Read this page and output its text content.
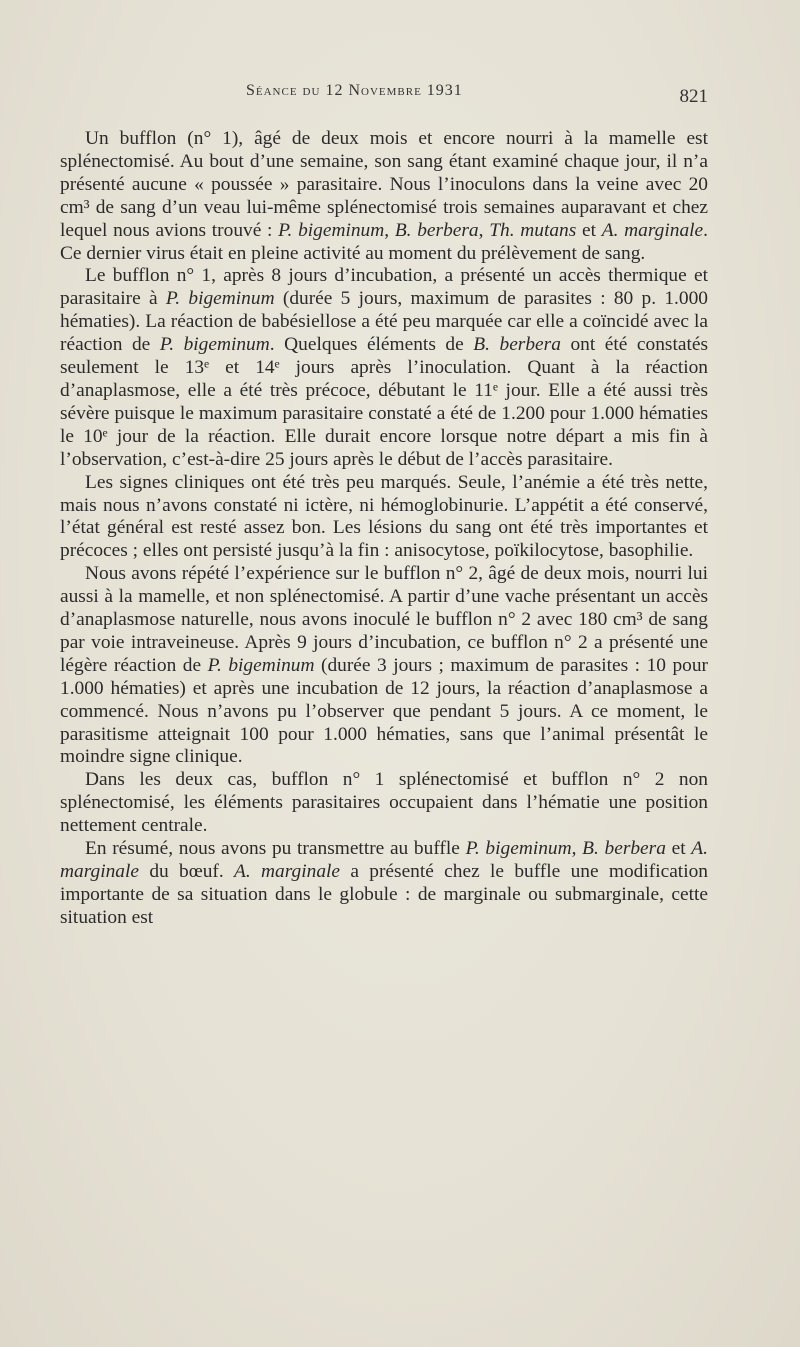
Séance du 12 Novembre 1931	821

Un bufflon (n° 1), âgé de deux mois et encore nourri à la mamelle est splénectomisé. Au bout d’une semaine, son sang étant examiné chaque jour, il n’a présenté aucune « poussée » parasitaire. Nous l’inoculons dans la veine avec 20 cm³ de sang d’un veau lui-même splénectomisé trois semaines auparavant et chez lequel nous avions trouvé : P. bigeminum, B. berbera, Th. mutans et A. marginale. Ce dernier virus était en pleine activité au moment du prélèvement de sang.

Le bufflon n° 1, après 8 jours d’incubation, a présenté un accès thermique et parasitaire à P. bigeminum (durée 5 jours, maximum de parasites : 80 p. 1.000 hématies). La réaction de babésiellose a été peu marquée car elle a coïncidé avec la réaction de P. bigeminum. Quelques éléments de B. berbera ont été constatés seulement le 13ᵉ et 14ᵉ jours après l’inoculation. Quant à la réaction d’anaplasmose, elle a été très précoce, débutant le 11ᵉ jour. Elle a été aussi très sévère puisque le maximum parasitaire constaté a été de 1.200 pour 1.000 hématies le 10ᵉ jour de la réaction. Elle durait encore lorsque notre départ a mis fin à l’observation, c’est-à-dire 25 jours après le début de l’accès parasitaire.

Les signes cliniques ont été très peu marqués. Seule, l’anémie a été très nette, mais nous n’avons constaté ni ictère, ni hémoglobinurie. L’appétit a été conservé, l’état général est resté assez bon. Les lésions du sang ont été très importantes et précoces ; elles ont persisté jusqu’à la fin : anisocytose, poïkilocytose, basophilie.

Nous avons répété l’expérience sur le bufflon n° 2, âgé de deux mois, nourri lui aussi à la mamelle, et non splénectomisé. A partir d’une vache présentant un accès d’anaplasmose naturelle, nous avons inoculé le bufflon n° 2 avec 180 cm³ de sang par voie intraveineuse. Après 9 jours d’incubation, ce bufflon n° 2 a présenté une légère réaction de P. bigeminum (durée 3 jours ; maximum de parasites : 10 pour 1.000 hématies) et après une incubation de 12 jours, la réaction d’anaplasmose a commencé. Nous n’avons pu l’observer que pendant 5 jours. A ce moment, le parasitisme atteignait 100 pour 1.000 hématies, sans que l’animal présentât le moindre signe clinique.

Dans les deux cas, bufflon n° 1 splénectomisé et bufflon n° 2 non splénectomisé, les éléments parasitaires occupaient dans l’hématie une position nettement centrale.

En résumé, nous avons pu transmettre au buffle P. bigeminum, B. berbera et A. marginale du bœuf. A. marginale a présenté chez le buffle une modification importante de sa situation dans le globule : de marginale ou submarginale, cette situation est
